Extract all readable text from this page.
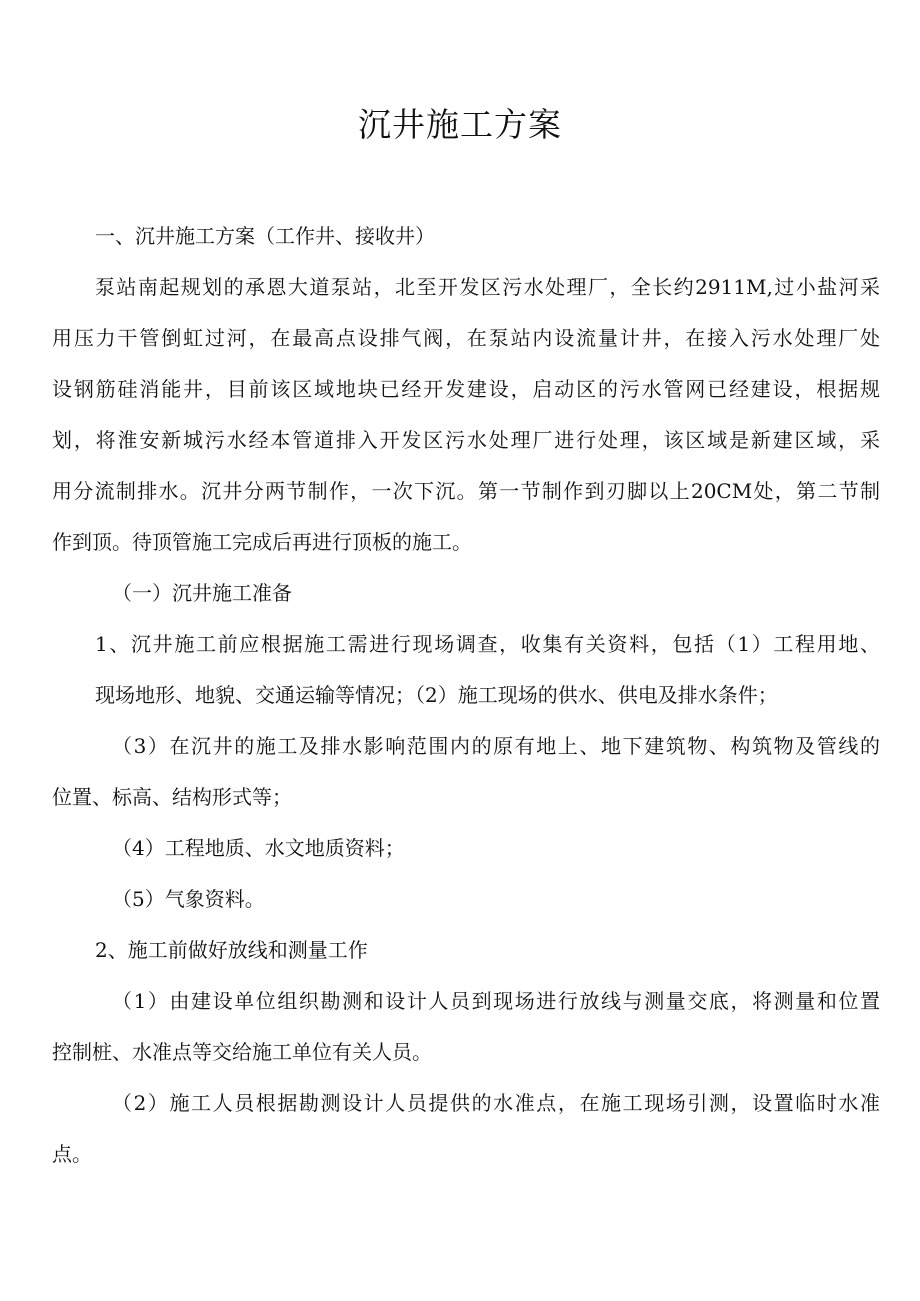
沉井施工方案
一、沉井施工方案（工作井、接收井）
泵站南起规划的承恩大道泵站，北至开发区污水处理厂，全长约2911M,过小盐河采
用压力干管倒虹过河，在最高点设排气阀，在泵站内设流量计井，在接入污水处理厂处
设钢筋硅消能井，目前该区域地块已经开发建设，启动区的污水管网已经建设，根据规
划，将淮安新城污水经本管道排入开发区污水处理厂进行处理，该区域是新建区域，采
用分流制排水。沉井分两节制作，一次下沉。第一节制作到刃脚以上20CM处，第二节制
作到顶。待顶管施工完成后再进行顶板的施工。
（一）沉井施工准备
1、沉井施工前应根据施工需进行现场调查，收集有关资料，包括（1）工程用地、
现场地形、地貌、交通运输等情况；（2）施工现场的供水、供电及排水条件；
（3）在沉井的施工及排水影响范围内的原有地上、地下建筑物、构筑物及管线的
位置、标高、结构形式等；
（4）工程地质、水文地质资料；
（5）气象资料。
2、施工前做好放线和测量工作
（1）由建设单位组织勘测和设计人员到现场进行放线与测量交底，将测量和位置
控制桩、水准点等交给施工单位有关人员。
（2）施工人员根据勘测设计人员提供的水准点，在施工现场引测，设置临时水准
点。
